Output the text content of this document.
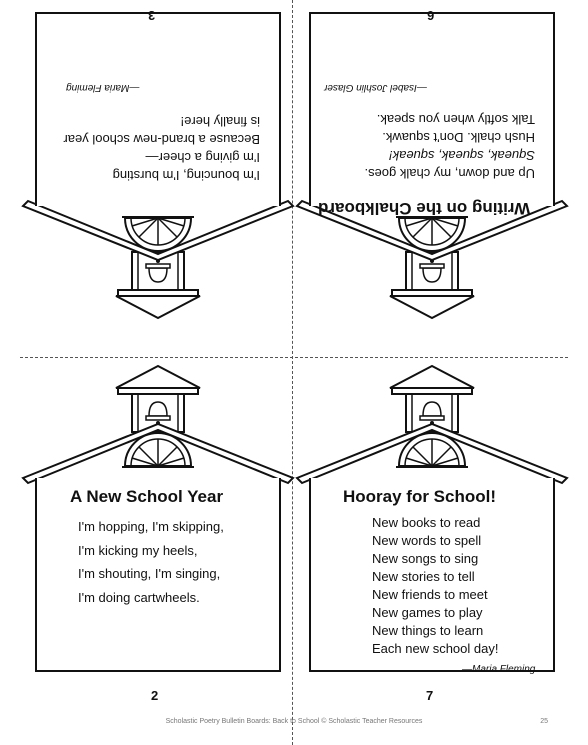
3
I'm bouncing, I'm bursting
I'm giving a cheer—
Because a brand-new school year
is finally here!
—Maria Fleming
6
Writing on the Chalkboard
Up and down, my chalk goes.
Squeak, squeak, squeak!
Hush chalk. Don't squawk.
Talk softly when you speak.
—Isabel Joshlin Glaser
A New School Year
I'm hopping, I'm skipping,
I'm kicking my heels,
I'm shouting, I'm singing,
I'm doing cartwheels.
2
Hooray for School!
New books to read
New words to spell
New songs to sing
New stories to tell
New friends to meet
New games to play
New things to learn
Each new school day!
—Maria Fleming
7
Scholastic Poetry Bulletin Boards: Back to School © Scholastic Teacher Resources	25
